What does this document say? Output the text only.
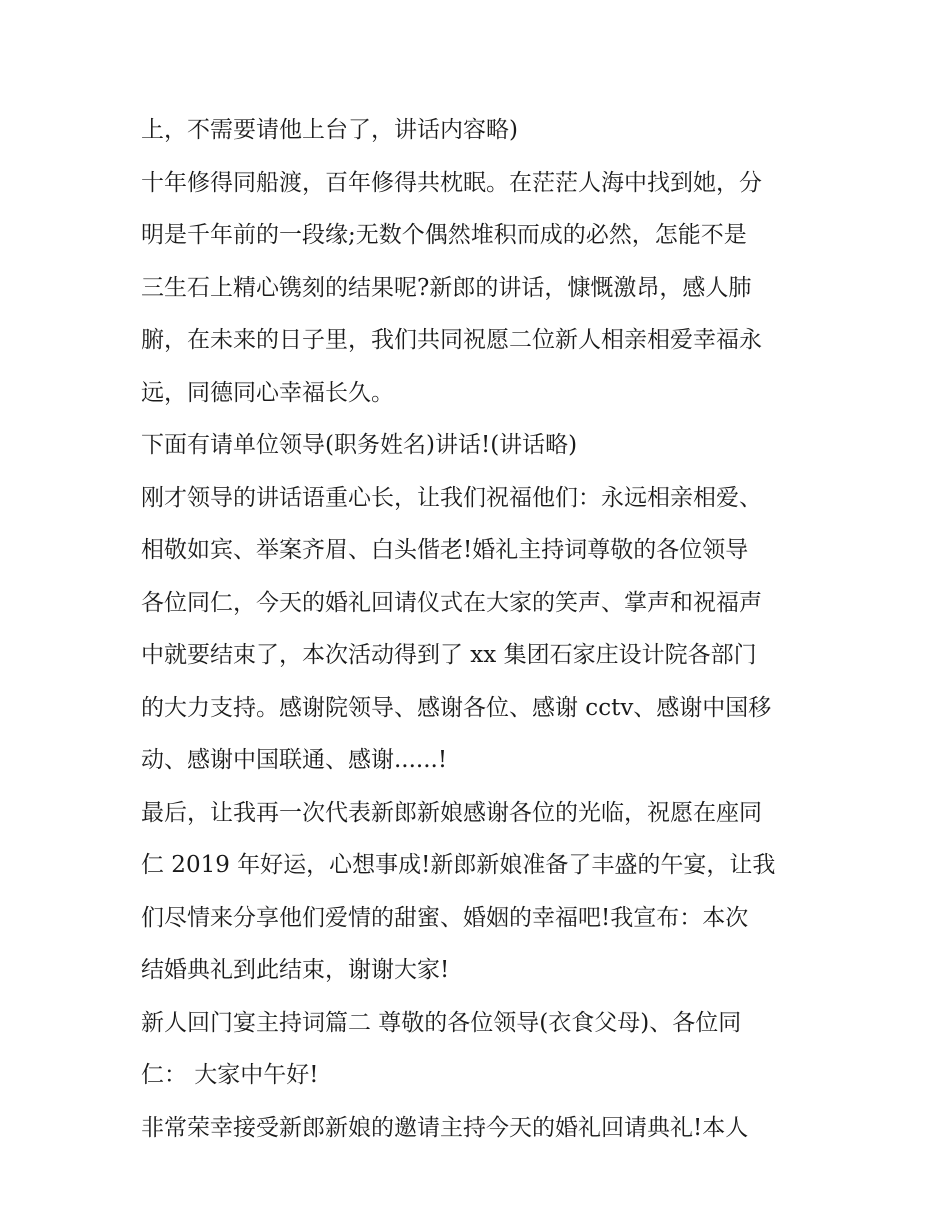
上，不需要请他上台了，讲话内容略)
十年修得同船渡，百年修得共枕眠。在茫茫人海中找到她，分
明是千年前的一段缘;无数个偶然堆积而成的必然，怎能不是
三生石上精心镌刻的结果呢?新郎的讲话，慷慨激昂，感人肺
腑，在未来的日子里，我们共同祝愿二位新人相亲相爱幸福永
远，同德同心幸福长久。
下面有请单位领导(职务姓名)讲话!(讲话略)
刚才领导的讲话语重心长，让我们祝福他们：永远相亲相爱、
相敬如宾、举案齐眉、白头偕老!婚礼主持词尊敬的各位领导
各位同仁，今天的婚礼回请仪式在大家的笑声、掌声和祝福声
中就要结束了，本次活动得到了 xx 集团石家庄设计院各部门
的大力支持。感谢院领导、感谢各位、感谢 cctv、感谢中国移
动、感谢中国联通、感谢......!
最后，让我再一次代表新郎新娘感谢各位的光临，祝愿在座同
仁 2019 年好运，心想事成!新郎新娘准备了丰盛的午宴，让我
们尽情来分享他们爱情的甜蜜、婚姻的幸福吧!我宣布：本次
结婚典礼到此结束，谢谢大家!
新人回门宴主持词篇二 尊敬的各位领导(衣食父母)、各位同
仁： 大家中午好!
非常荣幸接受新郎新娘的邀请主持今天的婚礼回请典礼!本人
